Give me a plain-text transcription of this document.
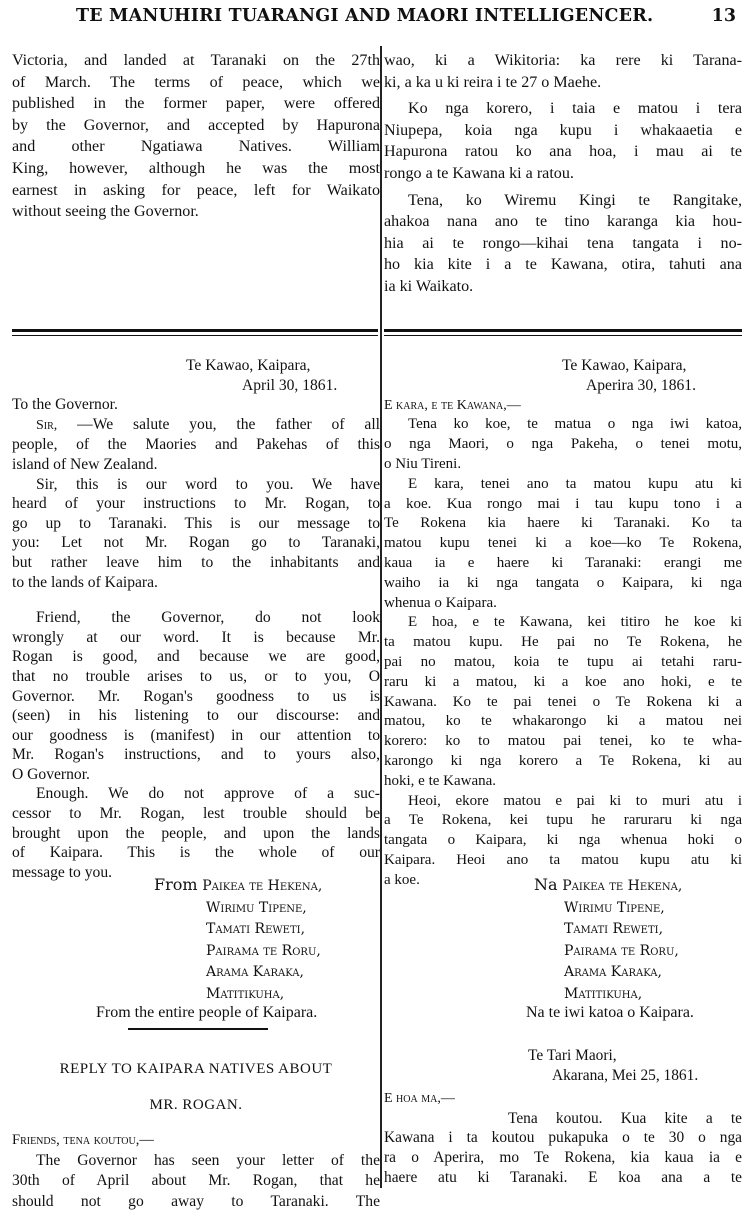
TE MANUHIRI TUARANGI AND MAORI INTELLIGENCER.	13

Victoria, and landed at Taranaki on the 27th

of March. The terms of peace, which we

published in the former paper, were offered

by the Governor, and accepted by Hapurona

and other Ngatiawa Natives. William

King, however, although he was the most

earnest in asking for peace, left for Waikato

without seeing the Governor.

wao, ki a Wikitoria: ka rere ki Tarana-

ki, a ka u ki reira i te 27 o Maehe.

Ko nga korero, i taia e matou i tera

Niupepa, koia nga kupu i whakaaetia e

Hapurona ratou ko ana hoa, i mau ai te

rongo a te Kawana ki a ratou.

Tena, ko Wiremu Kingi te Rangitake,

ahakoa nana ano te tino karanga kia hou-

hia ai te rongo—kihai tena tangata i no-

ho kia kite i a te Kawana, otira, tahuti ana

ia ki Waikato.

Te Kawao, Kaipara,

April 30, 1861.

To the Governor.

Sir, —We salute you, the father of all

people, of the Maories and Pakehas of this

island of New Zealand.

Sir, this is our word to you. We have

heard of your instructions to Mr. Rogan, to

go up to Taranaki. This is our message to

you: Let not Mr. Rogan go to Taranaki,

but rather leave him to the inhabitants and

to the lands of Kaipara.

Friend, the Governor, do not look

wrongly at our word. It is because Mr.

Rogan is good, and because we are good,

that no trouble arises to us, or to you, O

Governor. Mr. Rogan's goodness to us is

(seen) in his listening to our discourse: and

our goodness is (manifest) in our attention to

Mr. Rogan's instructions, and to yours also,

O Governor.

Enough. We do not approve of a suc-

cessor to Mr. Rogan, lest trouble should be

brought upon the people, and upon the lands

of Kaipara. This is the whole of our

message to you.

From Paikea te Hekena,
Wirimu Tipene,
Tamati Reweti,
Pairama te Roru,
Arama Karaka,
Matitikuha,
From the entire people of Kaipara.

Te Kawao, Kaipara,

Aperira 30, 1861.

E kara, e te Kawana,—

Tena ko koe, te matua o nga iwi katoa,

o nga Maori, o nga Pakeha, o tenei motu,

o Niu Tireni.

E kara, tenei ano ta matou kupu atu ki

a koe. Kua rongo mai i tau kupu tono i a

Te Rokena kia haere ki Taranaki. Ko ta

matou kupu tenei ki a koe—ko Te Rokena,

kaua ia e haere ki Taranaki: erangi me

waiho ia ki nga tangata o Kaipara, ki nga

whenua o Kaipara.

E hoa, e te Kawana, kei titiro he koe ki

ta matou kupu. He pai no Te Rokena, he

pai no matou, koia te tupu ai tetahi raru-

raru ki a matou, ki a koe ano hoki, e te

Kawana. Ko te pai tenei o Te Rokena ki a

matou, ko te whakarongo ki a matou nei

korero: ko to matou pai tenei, ko te wha-

karongo ki nga korero a Te Rokena, ki au

hoki, e te Kawana.

Heoi, ekore matou e pai ki to muri atu i

a Te Rokena, kei tupu he raruraru ki nga

tangata o Kaipara, ki nga whenua hoki o

Kaipara. Heoi ano ta matou kupu atu ki

a koe.	Na Paikea te Hekena,
Wirimu Tipene,
Tamati Reweti,
Pairama te Roru,
Arama Karaka,
Matitikuha,
Na te iwi katoa o Kaipara.

REPLY TO KAIPARA NATIVES ABOUT

MR. ROGAN.

Friends, tena koutou,—

The Governor has seen your letter of the

30th of April about Mr. Rogan, that he

should not go away to Taranaki. The

Te Tari Maori,

Akarana, Mei 25, 1861.

E hoa ma,—

Tena koutou. Kua kite a te

Kawana i ta koutou pukapuka o te 30 o nga

ra o Aperira, mo Te Rokena, kia kaua ia e

haere atu ki Taranaki. E koa ana a te
